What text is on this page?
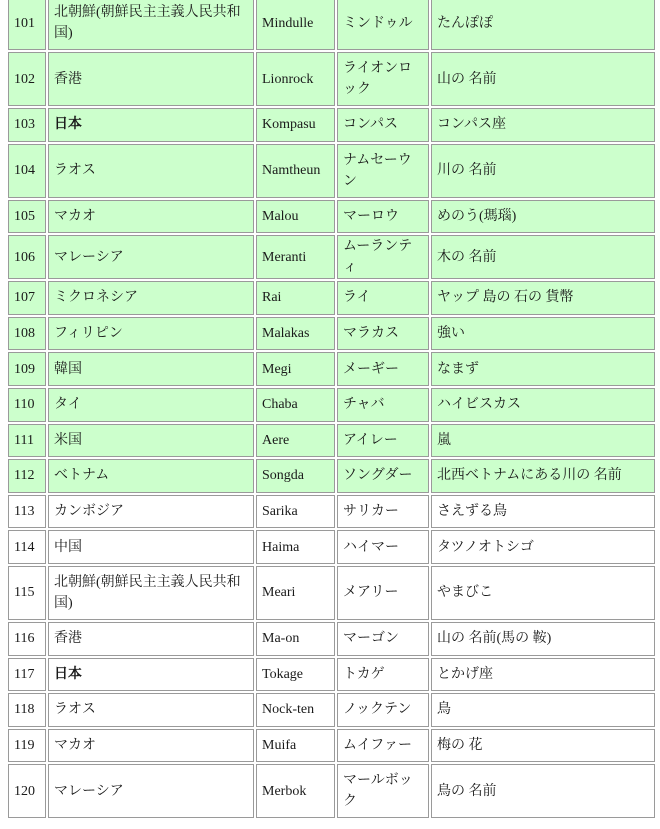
101	北朝鮮(朝鮮民主主義人民共和国)	Mindulle	ミンドゥル	たんぽぽ
102	香港	Lionrock	ライオンロック	山の 名前
103	日本	Kompasu	コンパス	コンパス座
104	ラオス	Namtheun	ナムセーウン	川の 名前
105	マカオ	Malou	マーロウ	めのう(瑪瑙)
106	マレーシア	Meranti	ムーランティ	木の 名前
107	ミクロネシア	Rai	ライ	ヤップ 島の 石の 貨幣
108	フィリピン	Malakas	マラカス	強い
109	韓国	Megi	メーギー	なまず
110	タイ	Chaba	チャバ	ハイビスカス
111	米国	Aere	アイレー	嵐
112	ベトナム	Songda	ソングダー	北西ベトナムにある川の 名前
113	カンボジア	Sarika	サリカー	さえずる鳥
114	中国	Haima	ハイマー	タツノオトシゴ
115	北朝鮮(朝鮮民主主義人民共和国)	Meari	メアリー	やまびこ
116	香港	Ma-on	マーゴン	山の 名前(馬の 鞍)
117	日本	Tokage	トカゲ	とかげ座
118	ラオス	Nock-ten	ノックテン	鳥
119	マカオ	Muifa	ムイファー	梅の 花
120	マレーシア	Merbok	マールボック	鳥の 名前
